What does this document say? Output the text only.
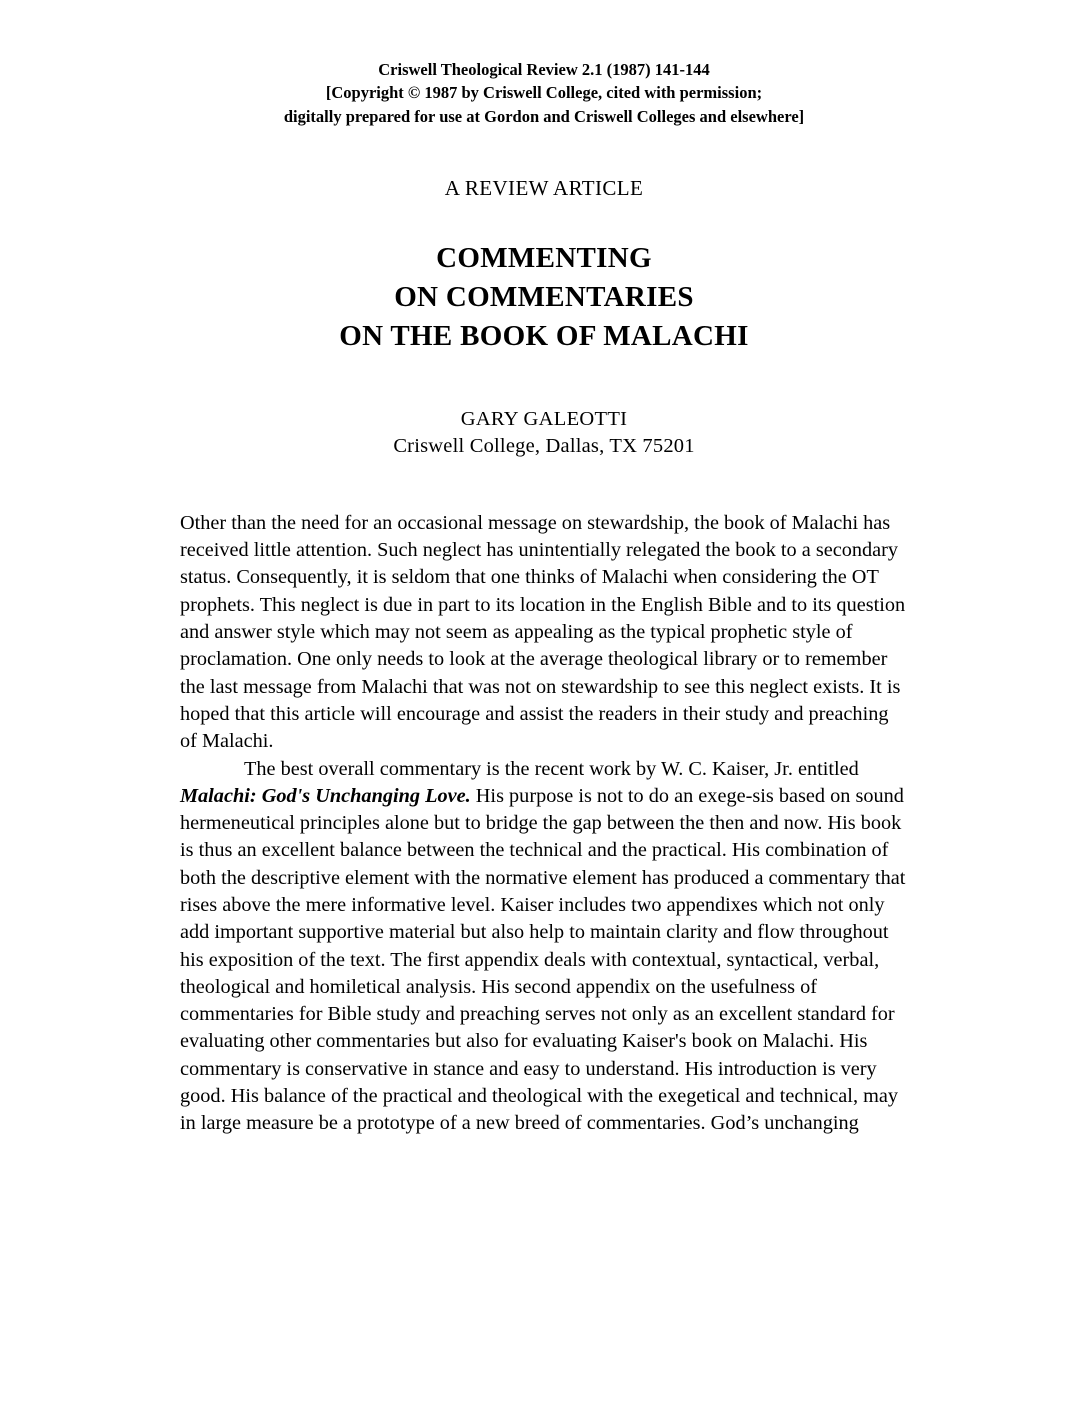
Criswell Theological Review 2.1 (1987) 141-144
[Copyright © 1987 by Criswell College, cited with permission;
digitally prepared for use at Gordon and Criswell Colleges and elsewhere]
A REVIEW ARTICLE
COMMENTING
ON COMMENTARIES
ON THE BOOK OF MALACHI
GARY GALEOTTI
Criswell College, Dallas, TX 75201

Other than the need for an occasional message on stewardship, the book of Malachi has received little attention. Such neglect has unintentially relegated the book to a secondary status. Consequently, it is seldom that one thinks of Malachi when considering the OT prophets. This neglect is due in part to its location in the English Bible and to its question and answer style which may not seem as appealing as the typical prophetic style of proclamation. One only needs to look at the average theological library or to remember the last message from Malachi that was not on stewardship to see this neglect exists. It is hoped that this article will encourage and assist the readers in their study and preaching of Malachi.

The best overall commentary is the recent work by W. C. Kaiser, Jr. entitled Malachi: God's Unchanging Love. His purpose is not to do an exege-sis based on sound hermeneutical principles alone but to bridge the gap between the then and now. His book is thus an excellent balance between the technical and the practical. His combination of both the descriptive element with the normative element has produced a commentary that rises above the mere informative level. Kaiser includes two appendixes which not only add important supportive material but also help to maintain clarity and flow throughout his exposition of the text. The first appendix deals with contextual, syntactical, verbal, theological and homiletical analysis. His second appendix on the usefulness of commentaries for Bible study and preaching serves not only as an excellent standard for evaluating other commentaries but also for evaluating Kaiser's book on Malachi. His commentary is conservative in stance and easy to understand. His introduction is very good. His balance of the practical and theological with the exegetical and technical, may in large measure be a prototype of a new breed of commentaries. God’s unchanging
